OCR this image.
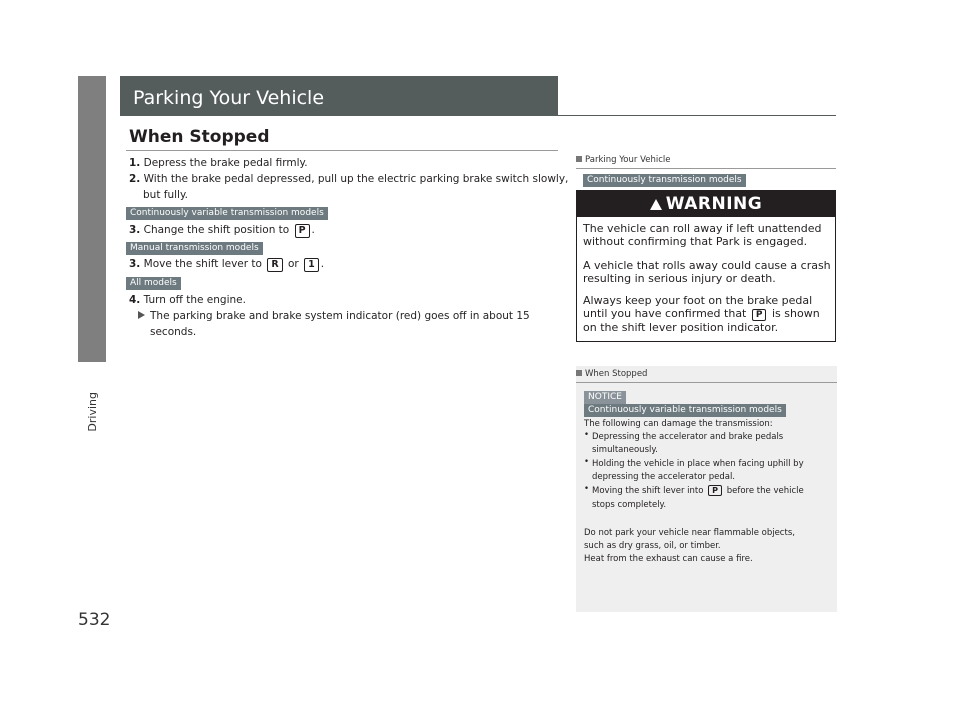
Driving
532
Parking Your Vehicle
When Stopped
1. Depress the brake pedal firmly.
2. With the brake pedal depressed, pull up the electric parking brake switch slowly,
but fully.
Continuously variable transmission models
3. Change the shift position to P .
Manual transmission models
3. Move the shift lever to R or 1 .
All models
4. Turn off the engine.
The parking brake and brake system indicator (red) goes off in about 15
seconds.
Parking Your Vehicle
Continuously transmission models
WARNING
The vehicle can roll away if left unattended without confirming that Park is engaged.
A vehicle that rolls away could cause a crash resulting in serious injury or death.
Always keep your foot on the brake pedal until you have confirmed that P is shown on the shift lever position indicator.
When Stopped
NOTICE
Continuously variable transmission models
The following can damage the transmission:
• Depressing the accelerator and brake pedals
simultaneously.
• Holding the vehicle in place when facing uphill by
depressing the accelerator pedal.
• Moving the shift lever into P before the vehicle
stops completely.
Do not park your vehicle near flammable objects,
such as dry grass, oil, or timber.
Heat from the exhaust can cause a fire.
